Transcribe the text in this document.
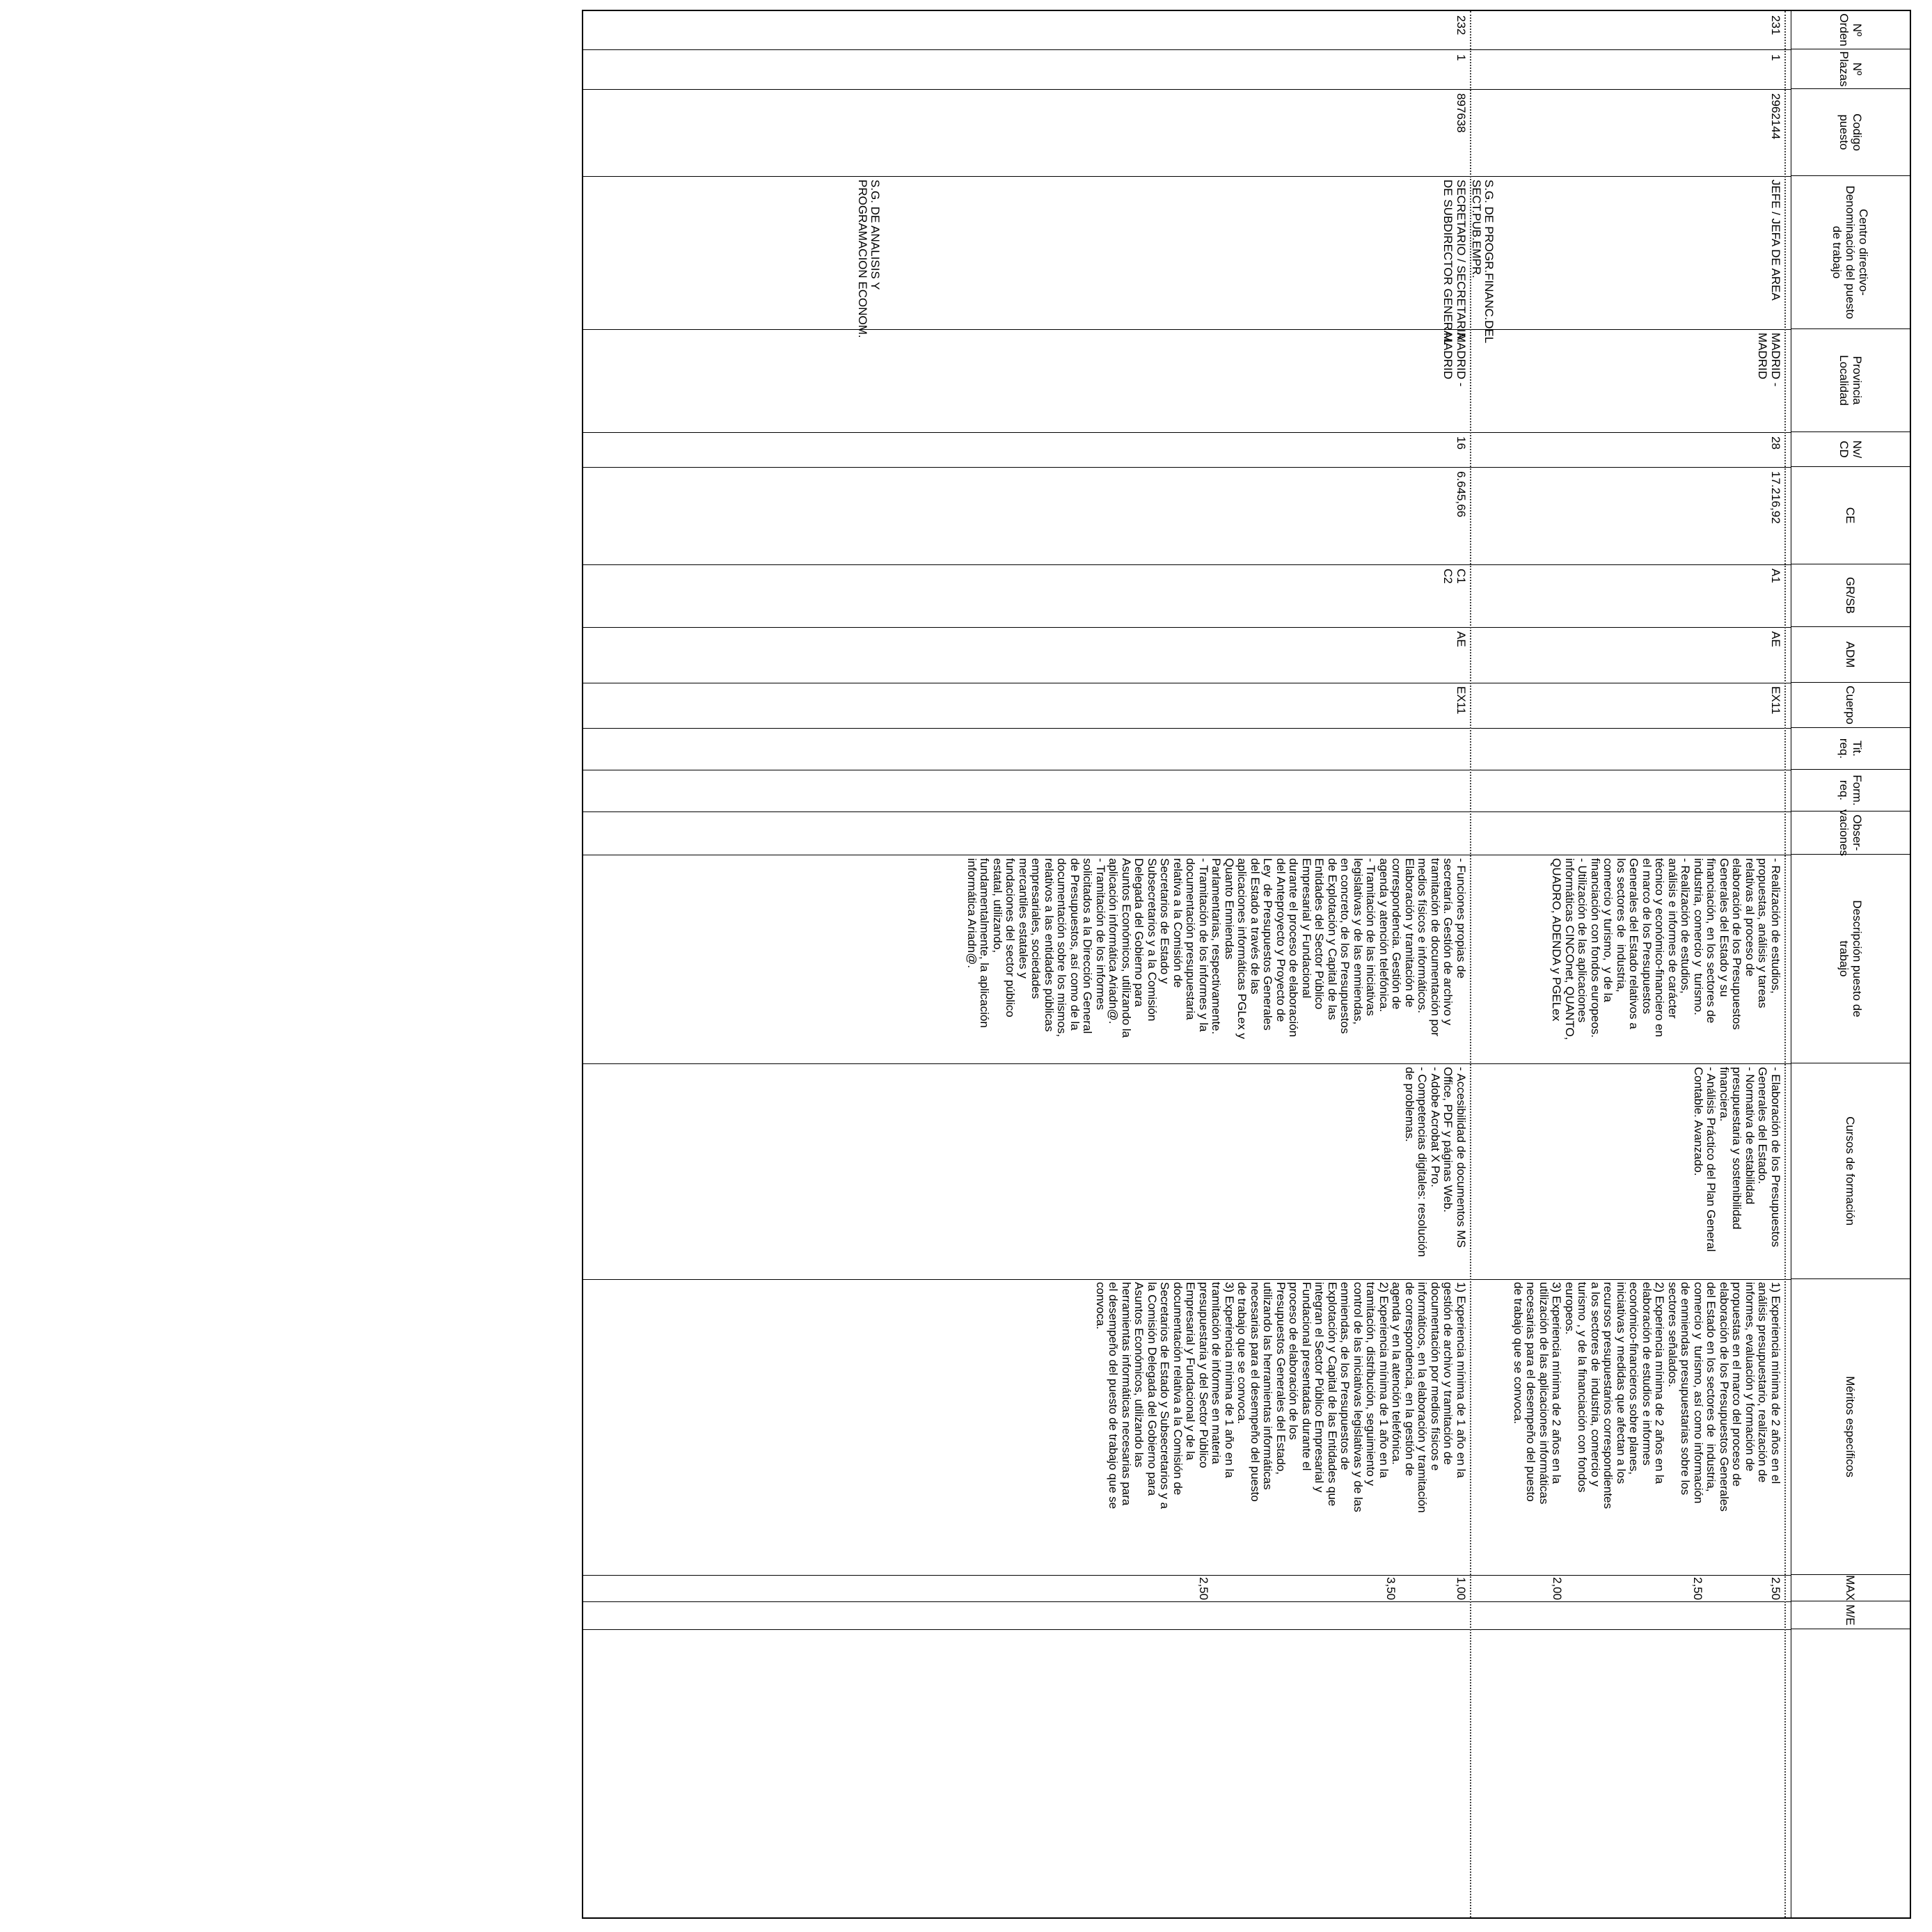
Nº
Orden
Nº
Plazas
Codigo
puesto
Centro directivo-
Denominación del puesto
de trabajo
Provincia
Localidad
Nv/
CD
CE
GR/SB
ADM
Cuerpo
Tit.
req.
Form.
req.
Obser-
vaciones
Descripción puesto de
trabajo
Cursos de formación
Méritos específicos
MAX
M/E
231
1
2962144
JEFE / JEFA DE AREA
MADRID -
MADRID
28
17.216,92
A1
AE
EX11
- Realización de estudios,
propuestas, análisis y tareas
relativas al proceso de
elaboración de los Presupuestos
Generales del Estado y su
financiación, en los sectores de
industria, comercio y  turismo.
- Realización de estudios,
análisis e informes de carácter
técnico y económico-financiero en
el marco de los Presupuestos
Generales del Estado relativos a
los sectores de  industria,
comercio y turismo,  y de la
financiación con fondos europeos.
- Utilización de las aplicaciones
informáticas CINCOnet, QUANTO,
QUADRO, ADENDA y PGELex
- Elaboración de los Presupuestos
Generales del Estado.
- Normativa de estabilidad
presupuestaria y sostenibilidad
financiera.
- Análisis Práctico del Plan General
Contable. Avanzado.
1) Experiencia mínima de 2 años en el
análisis presupuestario, realización de
informes, evaluación y formación de
propuestas en el marco del proceso de
elaboración de los Presupuestos Generales
del Estado en los sectores de  industria,
comercio y  turismo, así como información
de enmiendas presupuestarias sobre los
sectores señalados.
2) Experiencia mínima de 2 años en la
elaboración de estudios e informes
económico-financieros sobre planes,
iniciativas y medidas que afectan a los
recursos presupuestarios correspondientes
a los sectores de  industria, comercio y
turismo , y de la financiación con fondos
europeos.
3) Experiencia mínima de 2 años en la
utilización de las aplicaciones informáticas
necesarias para el desempeño del puesto
de trabajo que se convoca.
2,50
2,50
2,00
S.G. DE PROGR.FINANC.DEL
SECT.PUB.EMPR.
232
1
897638
SECRETARIO / SECRETARIA
DE SUBDIRECTOR GENERAL
MADRID -
MADRID
16
6.645,66
C1
C2
AE
EX11
- Funciones propias de
secretaría. Gestión de archivo y
tramitación de documentación por
medios físicos e informáticos.
Elaboración y tramitación de
correspondencia. Gestión de
agenda y atención telefónica.
- Tramitación de las iniciativas
legislativas y de las enmiendas,
en concreto, de los Presupuestos
de Explotación y Capital de las
Entidades del Sector Público
Empresarial y Fundacional
durante el proceso de elaboración
del Anteproyecto y Proyecto de
Ley  de Presupuestos Generales
del Estado a través de las
aplicaciones informáticas PGLex y
Quanto Enmiendas
Parlamentarias, respectivamente.
- Tramitación de los informes y la
documentación presupuestaria
relativa a la Comisión de
Secretarios de Estado y
Subsecretarios y a la Comisión
Delegada del Gobierno para
Asuntos Económicos, utilizando la
aplicación informática Ariadn@.
- Tramitación de los informes
solicitados a la Dirección General
de Presupuestos, así como de la
documentación sobre los mismos,
relativos a las entidades públicas
empresariales, sociedades
mercantiles estatales y
fundaciones del sector público
estatal, utilizando,
fundamentalmente, la aplicación
informática Ariadn@.
- Accesibilidad de documentos MS
Office, PDF y páginas Web.
- Adobe Acrobat X Pro.
- Competencias digitales: resolución
de problemas.
1) Experiencia mínima de 1 año en la
gestión de archivo y tramitación de
documentación por medios físicos e
informáticos, en la elaboración y tramitación
de correspondencia, en la gestión de
agenda y en la atención telefónica.
2) Experiencia mínima de 1 año en la
tramitación, distribución, seguimiento y
control de las iniciativas legislativas y de las
enmiendas, de los Presupuestos de
Explotación y Capital de las Entidades que
integran el Sector Público Empresarial y
Fundacional presentadas durante el
proceso de elaboración de los
Presupuestos Generales del Estado,
utilizando las herramientas informáticas
necesarias para el desempeño del puesto
de trabajo que se convoca.
3) Experiencia mínima de 1 año en la
tramitación de informes en materia
presupuestaria y del Sector Público
Empresarial y Fundacional y de la
documentación relativa a la Comisión de
Secretarios de Estado y Subsecretarios y a
la Comisión Delegada del Gobierno para
Asuntos Económicos, utilizando las
herramientas informáticas necesarias para
el desempeño del puesto de trabajo que se
convoca.
1,00
3,50
2,50
S.G. DE ANALISIS Y
PROGRAMACION ECONOM.
